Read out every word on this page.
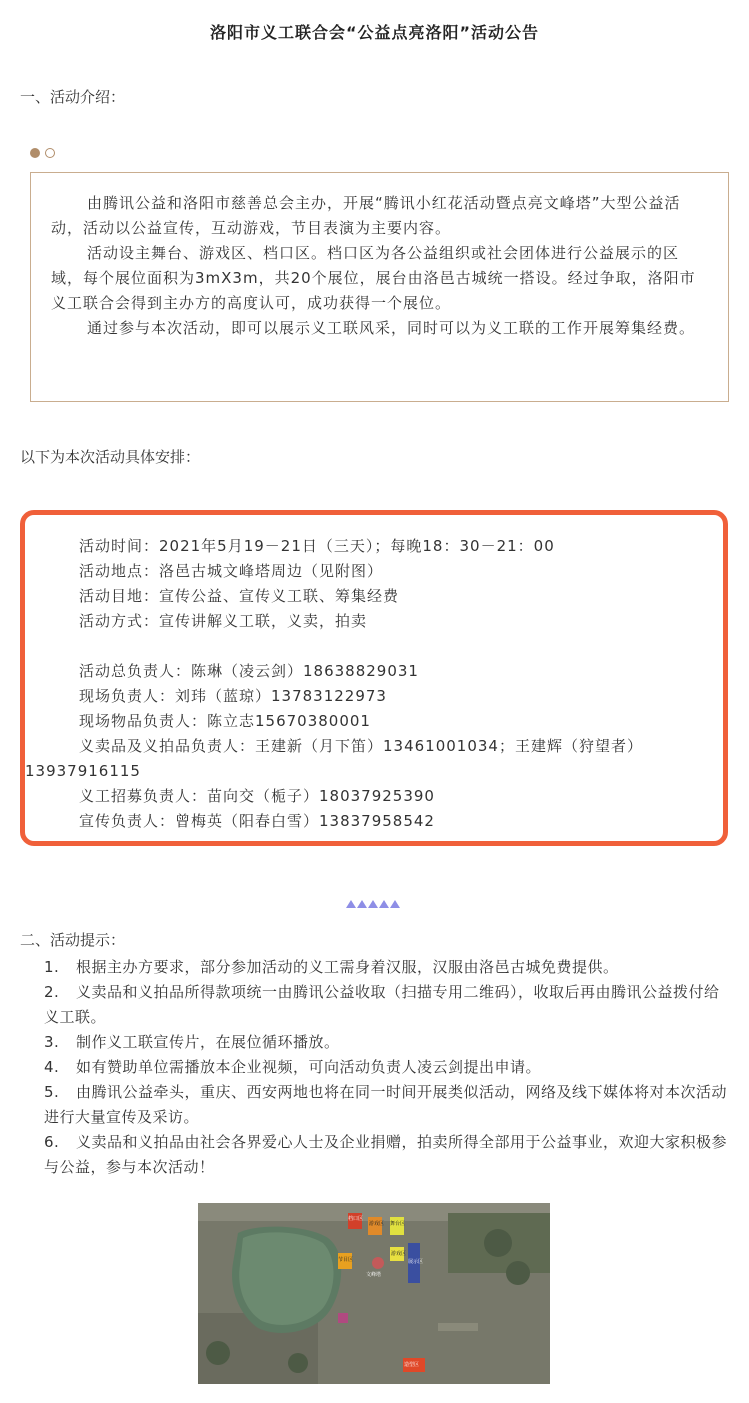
洛阳市义工联合会“公益点亮洛阳”活动公告
一、活动介绍：

由腾讯公益和洛阳市慈善总会主办，开展“腾讯小红花活动暨点亮文峰塔”大型公益活动，活动以公益宣传，互动游戏，节目表演为主要内容。

活动设主舞台、游戏区、档口区。档口区为各公益组织或社会团体进行公益展示的区域，每个展位面积为3mX3m，共20个展位，展台由洛邑古城统一搭设。经过争取，洛阳市义工联合会得到主办方的高度认可，成功获得一个展位。

通过参与本次活动，即可以展示义工联风采，同时可以为义工联的工作开展筹集经费。

以下为本次活动具体安排：
活动时间：2021年5月19－21日（三天）；每晚18：30－21：00
活动地点：洛邑古城文峰塔周边（见附图）
活动目地：宣传公益、宣传义工联、筹集经费
活动方式：宣传讲解义工联，义卖，拍卖
活动总负责人：陈琳（凌云剑）18638829031
现场负责人：刘玮（蓝琼）13783122973
现场物品负责人：陈立志15670380001
义卖品及义拍品负责人：王建新（月下笛）13461001034；王建辉（狩望者）13937916115
义工招募负责人：苗向交（栀子）18037925390
宣传负责人：曾梅英（阳春白雪）13837958542
二、活动提示：
1. 根据主办方要求，部分参加活动的义工需身着汉服，汉服由洛邑古城免费提供。
2. 义卖品和义拍品所得款项统一由腾讯公益收取（扫描专用二维码），收取后再由腾讯公益拨付给义工联。
3. 制作义工联宣传片，在展位循环播放。
4. 如有赞助单位需播放本企业视频，可向活动负责人凌云剑提出申请。
5. 由腾讯公益牵头，重庆、西安两地也将在同一时间开展类似活动，网络及线下媒体将对本次活动进行大量宣传及采访。
6. 义卖品和义拍品由社会各界爱心人士及企业捐赠，拍卖所得全部用于公益事业，欢迎大家积极参与公益，参与本次活动！
档口区
游戏区 舞台区
文峰塔
游戏区
节目区	展示区
造型区
